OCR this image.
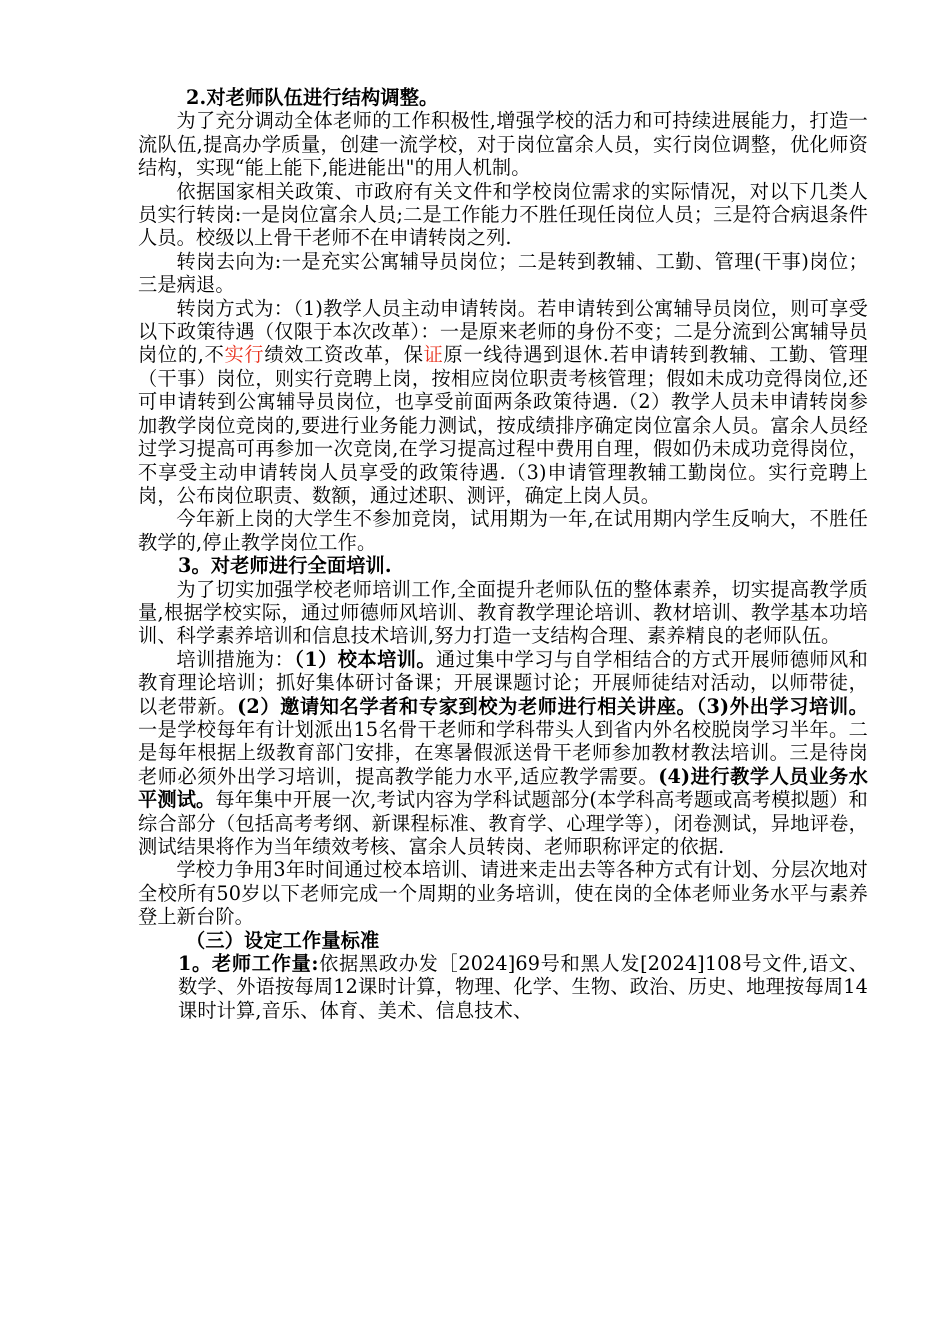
2.对老师队伍进行结构调整。

为了充分调动全体老师的工作积极性,增强学校的活力和可持续进展能力，打造一流队伍,提高办学质量，创建一流学校，对于岗位富余人员，实行岗位调整，优化师资结构，实现“能上能下,能进能出"的用人机制。

依据国家相关政策、市政府有关文件和学校岗位需求的实际情况，对以下几类人员实行转岗:一是岗位富余人员;二是工作能力不胜任现任岗位人员；三是符合病退条件人员。校级以上骨干老师不在申请转岗之列.

转岗去向为:一是充实公寓辅导员岗位；二是转到教辅、工勤、管理(干事)岗位；三是病退。

转岗方式为：（1)教学人员主动申请转岗。若申请转到公寓辅导员岗位，则可享受以下政策待遇（仅限于本次改革）：一是原来老师的身份不变；二是分流到公寓辅导员岗位的,不实行绩效工资改革，保证原一线待遇到退休.若申请转到教辅、工勤、管理（干事）岗位，则实行竞聘上岗，按相应岗位职责考核管理；假如未成功竞得岗位,还可申请转到公寓辅导员岗位，也享受前面两条政策待遇.（2）教学人员未申请转岗参加教学岗位竞岗的,要进行业务能力测试，按成绩排序确定岗位富余人员。富余人员经过学习提高可再参加一次竞岗,在学习提高过程中费用自理，假如仍未成功竞得岗位，不享受主动申请转岗人员享受的政策待遇.（3)申请管理教辅工勤岗位。实行竞聘上岗，公布岗位职责、数额，通过述职、测评，确定上岗人员。

今年新上岗的大学生不参加竞岗，试用期为一年,在试用期内学生反响大，不胜任教学的,停止教学岗位工作。

3。对老师进行全面培训.

为了切实加强学校老师培训工作,全面提升老师队伍的整体素养，切实提高教学质量,根据学校实际，通过师德师风培训、教育教学理论培训、教材培训、教学基本功培训、科学素养培训和信息技术培训,努力打造一支结构合理、素养精良的老师队伍。

培训措施为：（1）校本培训。通过集中学习与自学相结合的方式开展师德师风和教育理论培训；抓好集体研讨备课；开展课题讨论；开展师徒结对活动，以师带徒，以老带新。(2）邀请知名学者和专家到校为老师进行相关讲座。（3)外出学习培训。一是学校每年有计划派出15名骨干老师和学科带头人到省内外名校脱岗学习半年。二是每年根据上级教育部门安排，在寒暑假派送骨干老师参加教材教法培训。三是待岗老师必须外出学习培训，提高教学能力水平,适应教学需要。(4)进行教学人员业务水平测试。每年集中开展一次,考试内容为学科试题部分(本学科高考题或高考模拟题）和综合部分（包括高考考纲、新课程标准、教育学、心理学等），闭卷测试，异地评卷，测试结果将作为当年绩效考核、富余人员转岗、老师职称评定的依据.

学校力争用3年时间通过校本培训、请进来走出去等各种方式有计划、分层次地对全校所有50岁以下老师完成一个周期的业务培训，使在岗的全体老师业务水平与素养登上新台阶。

（三）设定工作量标准

1。老师工作量:依据黑政办发［2024]69号和黑人发[2024]108号文件,语文、数学、外语按每周12课时计算，物理、化学、生物、政治、历史、地理按每周14课时计算,音乐、体育、美术、信息技术、
